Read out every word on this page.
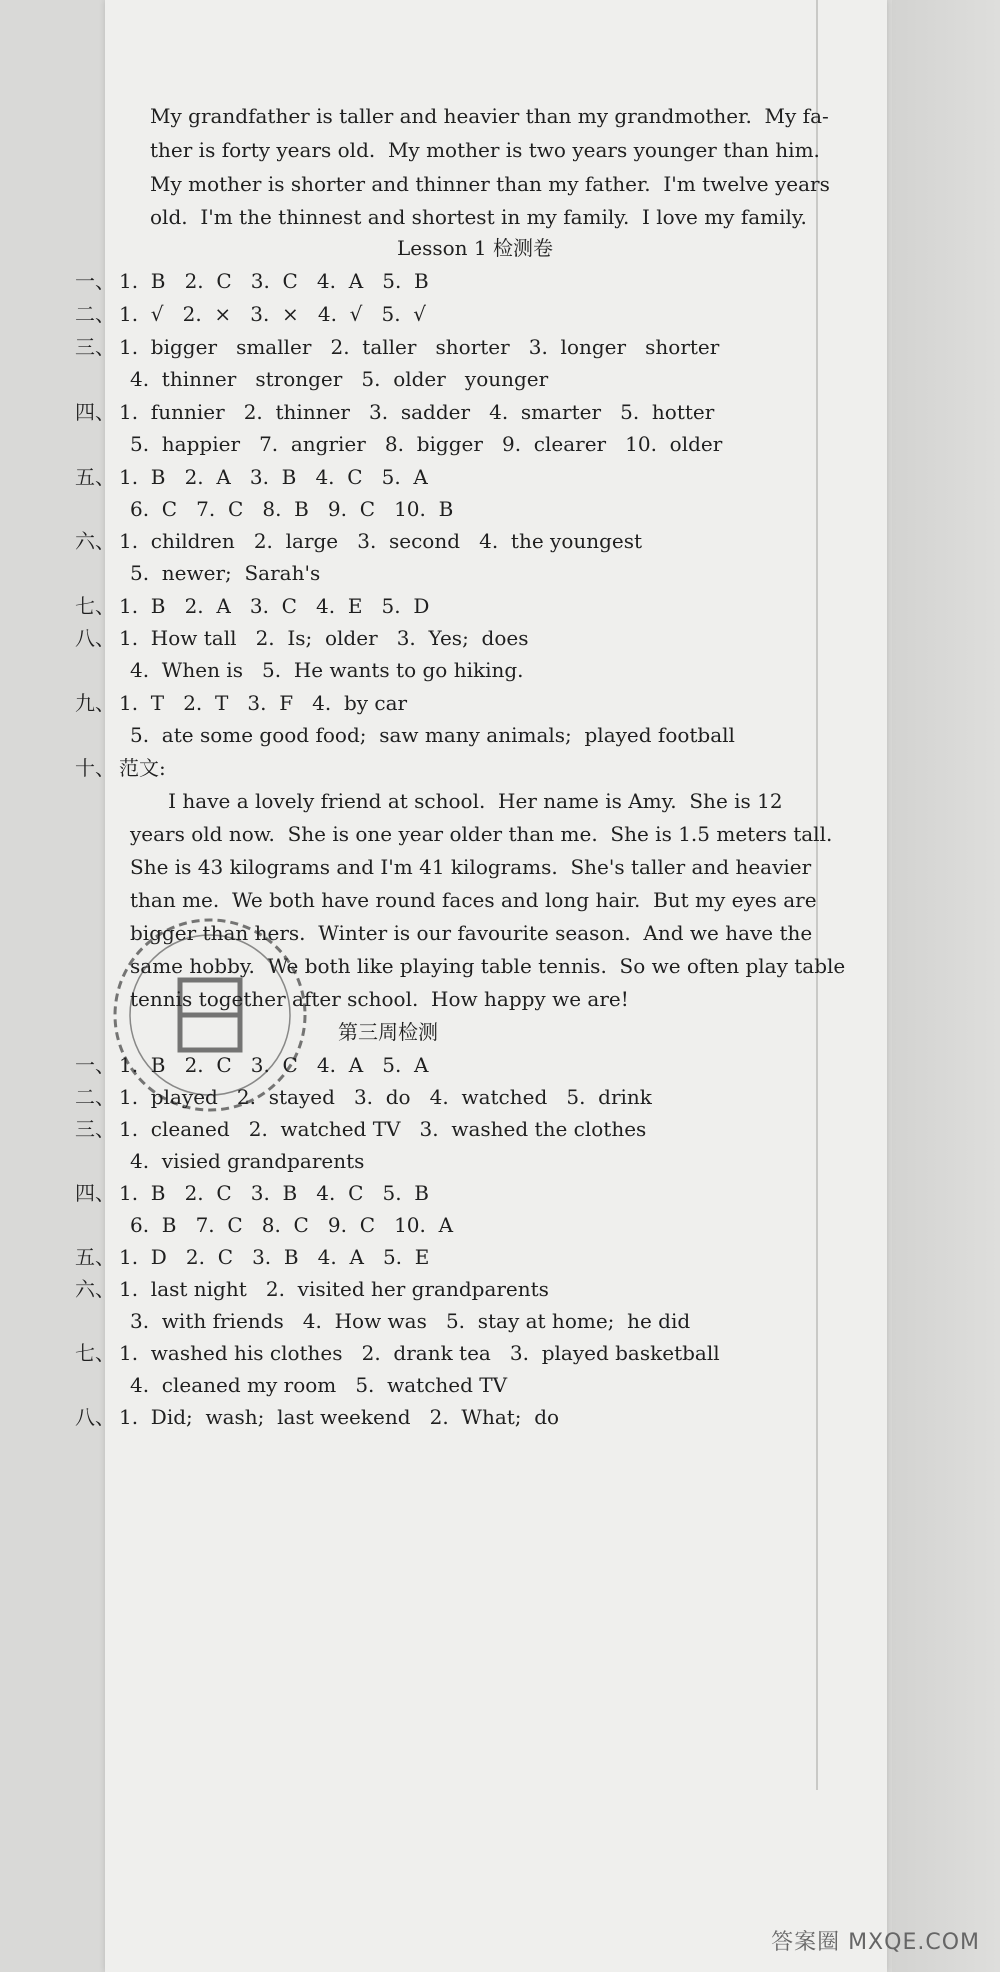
My grandfather is taller and heavier than my grandmother.  My fa-
ther is forty years old.  My mother is two years younger than him.
My mother is shorter and thinner than my father.  I'm twelve years
old.  I'm the thinnest and shortest in my family.  I love my family.
Lesson 1 检测卷
一、 1.  B   2.  C   3.  C   4.  A   5.  B
二、 1.  √   2.  ×   3.  ×   4.  √   5.  √
三、 1.  bigger   smaller   2.  taller   shorter   3.  longer   shorter
4.  thinner   stronger   5.  older   younger
四、 1.  funnier   2.  thinner   3.  sadder   4.  smarter   5.  hotter
5.  happier   7.  angrier   8.  bigger   9.  clearer   10.  older
五、 1.  B   2.  A   3.  B   4.  C   5.  A
6.  C   7.  C   8.  B   9.  C   10.  B
六、 1.  children   2.  large   3.  second   4.  the youngest
5.  newer;  Sarah's
七、 1.  B   2.  A   3.  C   4.  E   5.  D
八、 1.  How tall   2.  Is;  older   3.  Yes;  does
4.  When is   5.  He wants to go hiking.
九、 1.  T   2.  T   3.  F   4.  by car
5.  ate some good food;  saw many animals;  played football
十、 范文:
I have a lovely friend at school.  Her name is Amy.  She is 12
years old now.  She is one year older than me.  She is 1.5 meters tall.
She is 43 kilograms and I'm 41 kilograms.  She's taller and heavier
than me.  We both have round faces and long hair.  But my eyes are
bigger than hers.  Winter is our favourite season.  And we have the
same hobby.  We both like playing table tennis.  So we often play table
tennis together after school.  How happy we are!
第三周检测
一、 1.  B   2.  C   3.  C   4.  A   5.  A
二、 1.  played   2.  stayed   3.  do   4.  watched   5.  drink
三、 1.  cleaned   2.  watched TV   3.  washed the clothes
4.  visied grandparents
四、 1.  B   2.  C   3.  B   4.  C   5.  B
6.  B   7.  C   8.  C   9.  C   10.  A
五、 1.  D   2.  C   3.  B   4.  A   5.  E
六、 1.  last night   2.  visited her grandparents
3.  with friends   4.  How was   5.  stay at home;  he did
七、 1.  washed his clothes   2.  drank tea   3.  played basketball
4.  cleaned my room   5.  watched TV
八、 1.  Did;  wash;  last weekend   2.  What;  do
答案圈 MXQE.COM
